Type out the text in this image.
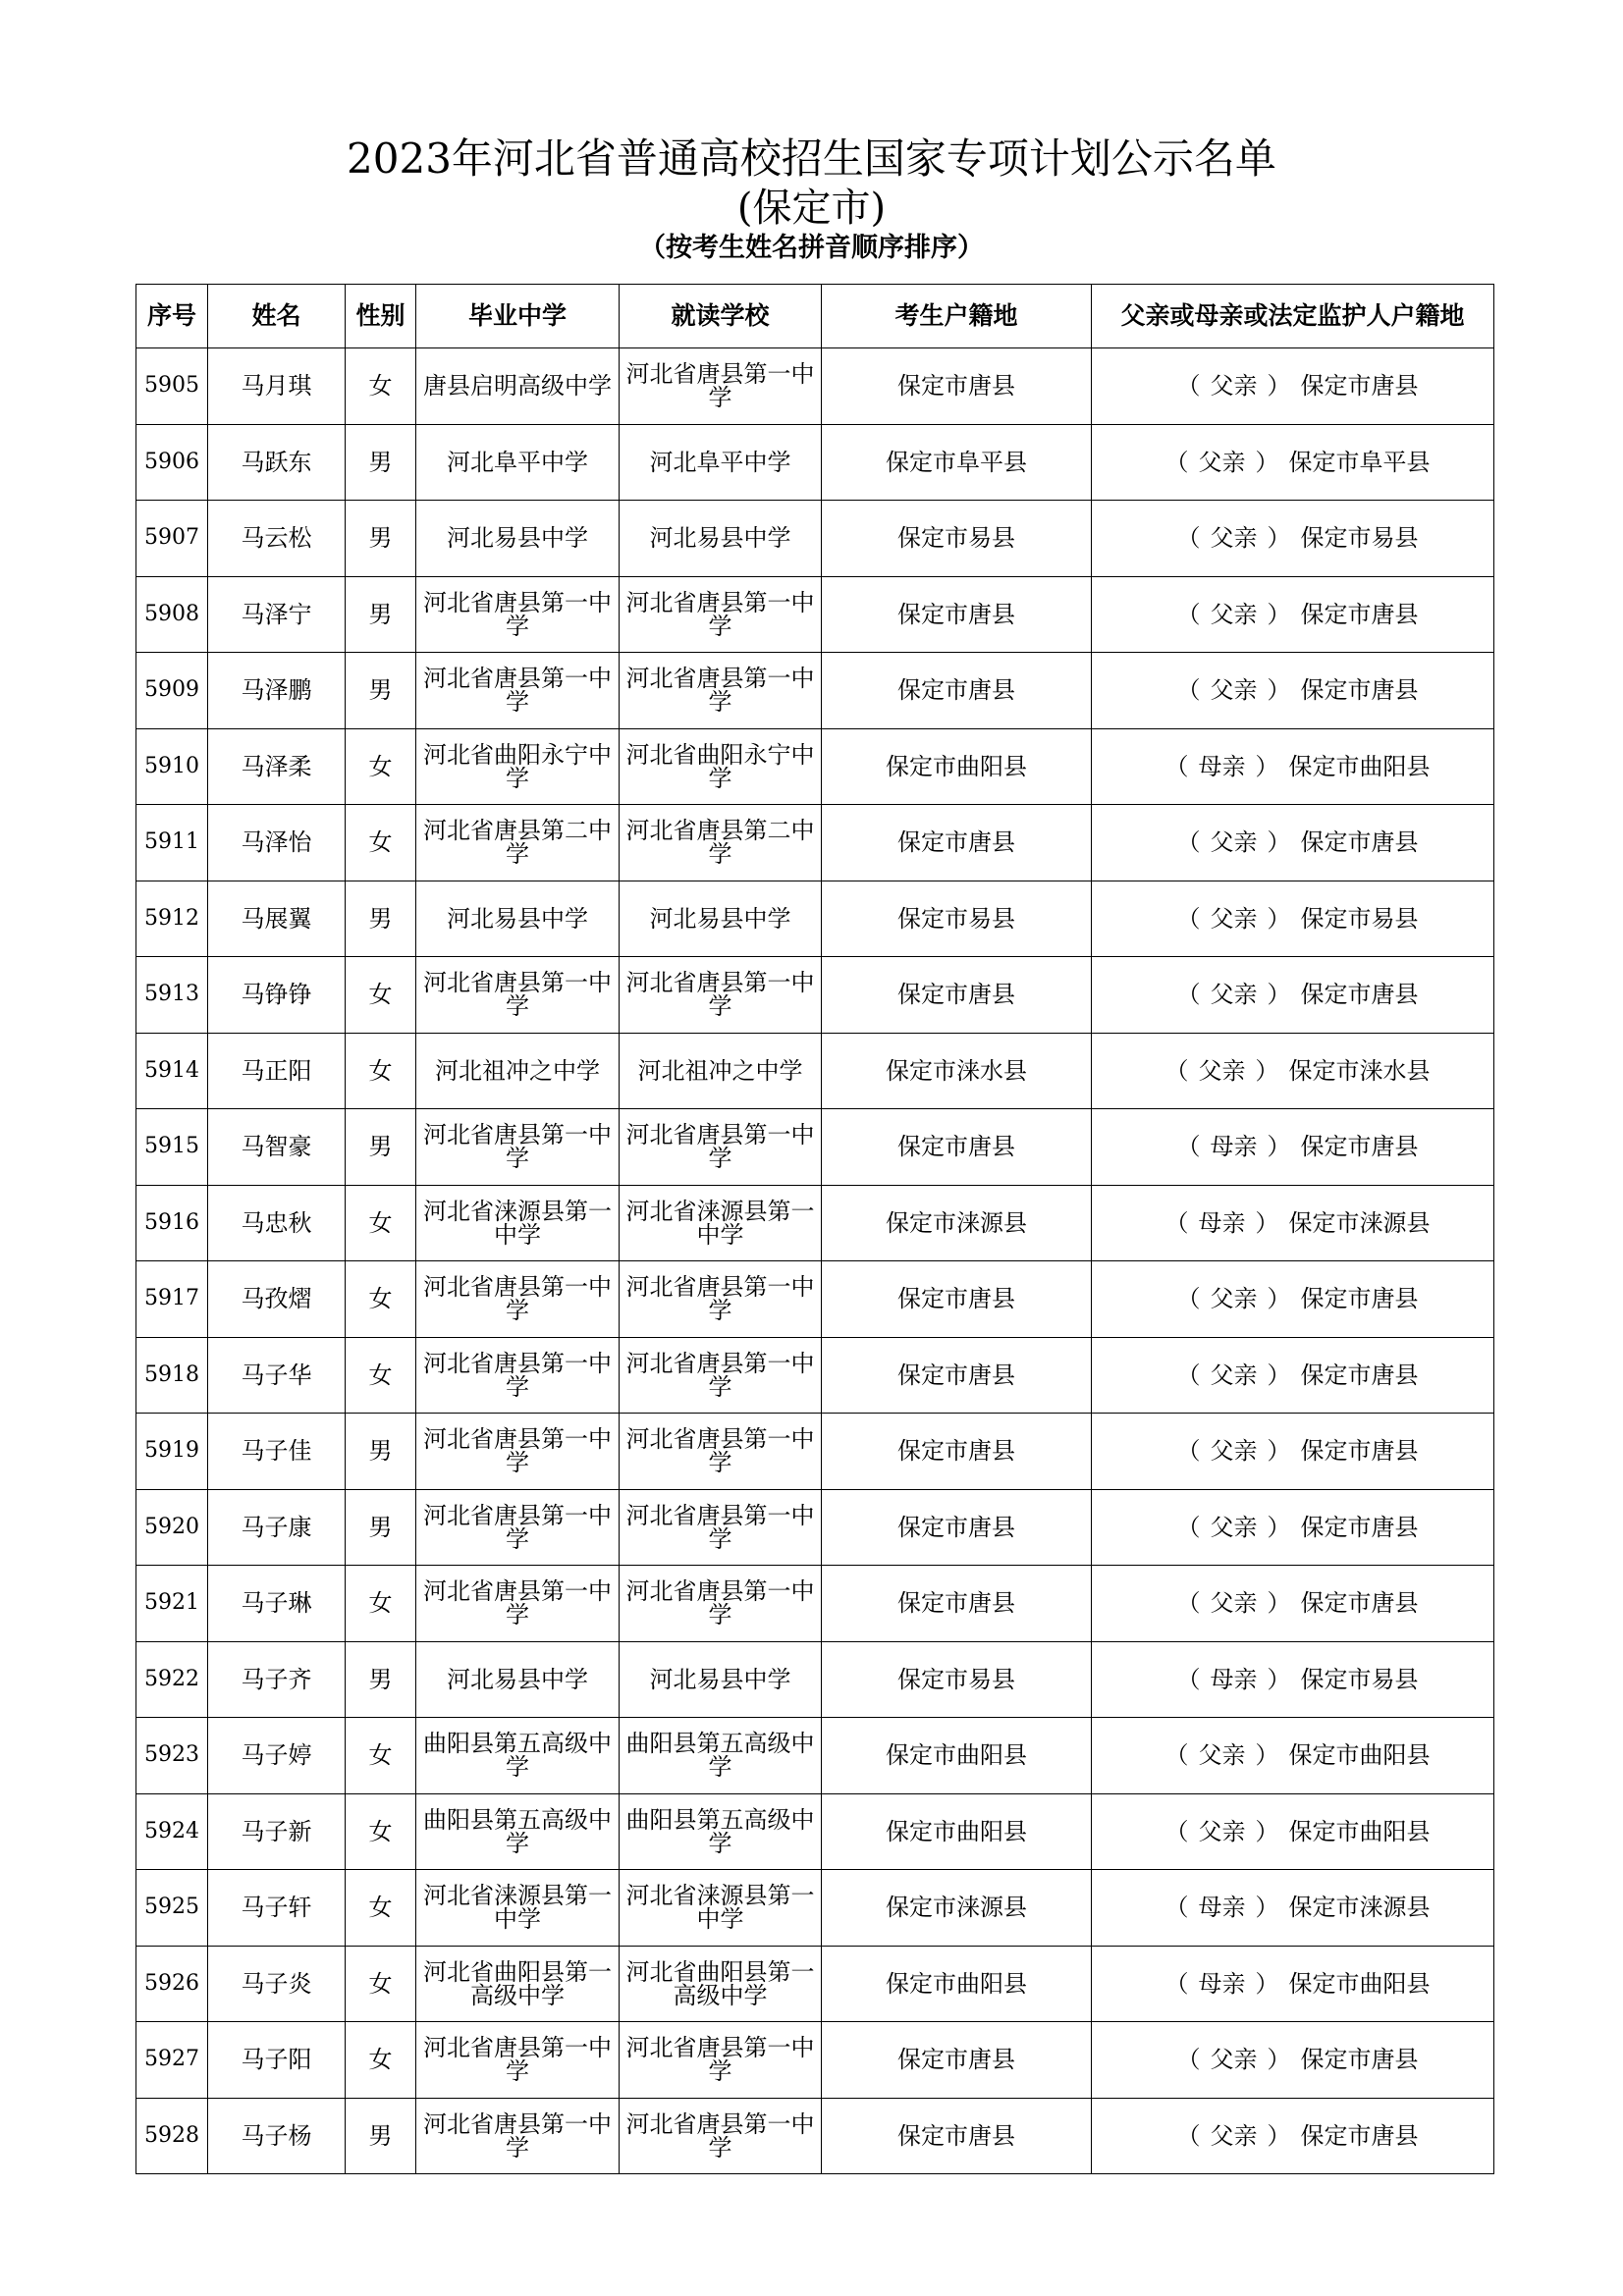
2023年河北省普通高校招生国家专项计划公示名单
(保定市)
（按考生姓名拼音顺序排序）
序号	姓名	性别	毕业中学	就读学校	考生户籍地	父亲或母亲或法定监护人户籍地
5905	马月琪	女	唐县启明高级中学	河北省唐县第一中学	保定市唐县	（ 父亲 ） 保定市唐县
5906	马跃东	男	河北阜平中学	河北阜平中学	保定市阜平县	（ 父亲 ） 保定市阜平县
5907	马云松	男	河北易县中学	河北易县中学	保定市易县	（ 父亲 ） 保定市易县
5908	马泽宁	男	河北省唐县第一中学	河北省唐县第一中学	保定市唐县	（ 父亲 ） 保定市唐县
5909	马泽鹏	男	河北省唐县第一中学	河北省唐县第一中学	保定市唐县	（ 父亲 ） 保定市唐县
5910	马泽柔	女	河北省曲阳永宁中学	河北省曲阳永宁中学	保定市曲阳县	（ 母亲 ） 保定市曲阳县
5911	马泽怡	女	河北省唐县第二中学	河北省唐县第二中学	保定市唐县	（ 父亲 ） 保定市唐县
5912	马展翼	男	河北易县中学	河北易县中学	保定市易县	（ 父亲 ） 保定市易县
5913	马铮铮	女	河北省唐县第一中学	河北省唐县第一中学	保定市唐县	（ 父亲 ） 保定市唐县
5914	马正阳	女	河北祖冲之中学	河北祖冲之中学	保定市涞水县	（ 父亲 ） 保定市涞水县
5915	马智豪	男	河北省唐县第一中学	河北省唐县第一中学	保定市唐县	（ 母亲 ） 保定市唐县
5916	马忠秋	女	河北省涞源县第一中学	河北省涞源县第一中学	保定市涞源县	（ 母亲 ） 保定市涞源县
5917	马孜熠	女	河北省唐县第一中学	河北省唐县第一中学	保定市唐县	（ 父亲 ） 保定市唐县
5918	马子华	女	河北省唐县第一中学	河北省唐县第一中学	保定市唐县	（ 父亲 ） 保定市唐县
5919	马子佳	男	河北省唐县第一中学	河北省唐县第一中学	保定市唐县	（ 父亲 ） 保定市唐县
5920	马子康	男	河北省唐县第一中学	河北省唐县第一中学	保定市唐县	（ 父亲 ） 保定市唐县
5921	马子琳	女	河北省唐县第一中学	河北省唐县第一中学	保定市唐县	（ 父亲 ） 保定市唐县
5922	马子齐	男	河北易县中学	河北易县中学	保定市易县	（ 母亲 ） 保定市易县
5923	马子婷	女	曲阳县第五高级中学	曲阳县第五高级中学	保定市曲阳县	（ 父亲 ） 保定市曲阳县
5924	马子新	女	曲阳县第五高级中学	曲阳县第五高级中学	保定市曲阳县	（ 父亲 ） 保定市曲阳县
5925	马子轩	女	河北省涞源县第一中学	河北省涞源县第一中学	保定市涞源县	（ 母亲 ） 保定市涞源县
5926	马子炎	女	河北省曲阳县第一高级中学	河北省曲阳县第一高级中学	保定市曲阳县	（ 母亲 ） 保定市曲阳县
5927	马子阳	女	河北省唐县第一中学	河北省唐县第一中学	保定市唐县	（ 父亲 ） 保定市唐县
5928	马子杨	男	河北省唐县第一中学	河北省唐县第一中学	保定市唐县	（ 父亲 ） 保定市唐县
